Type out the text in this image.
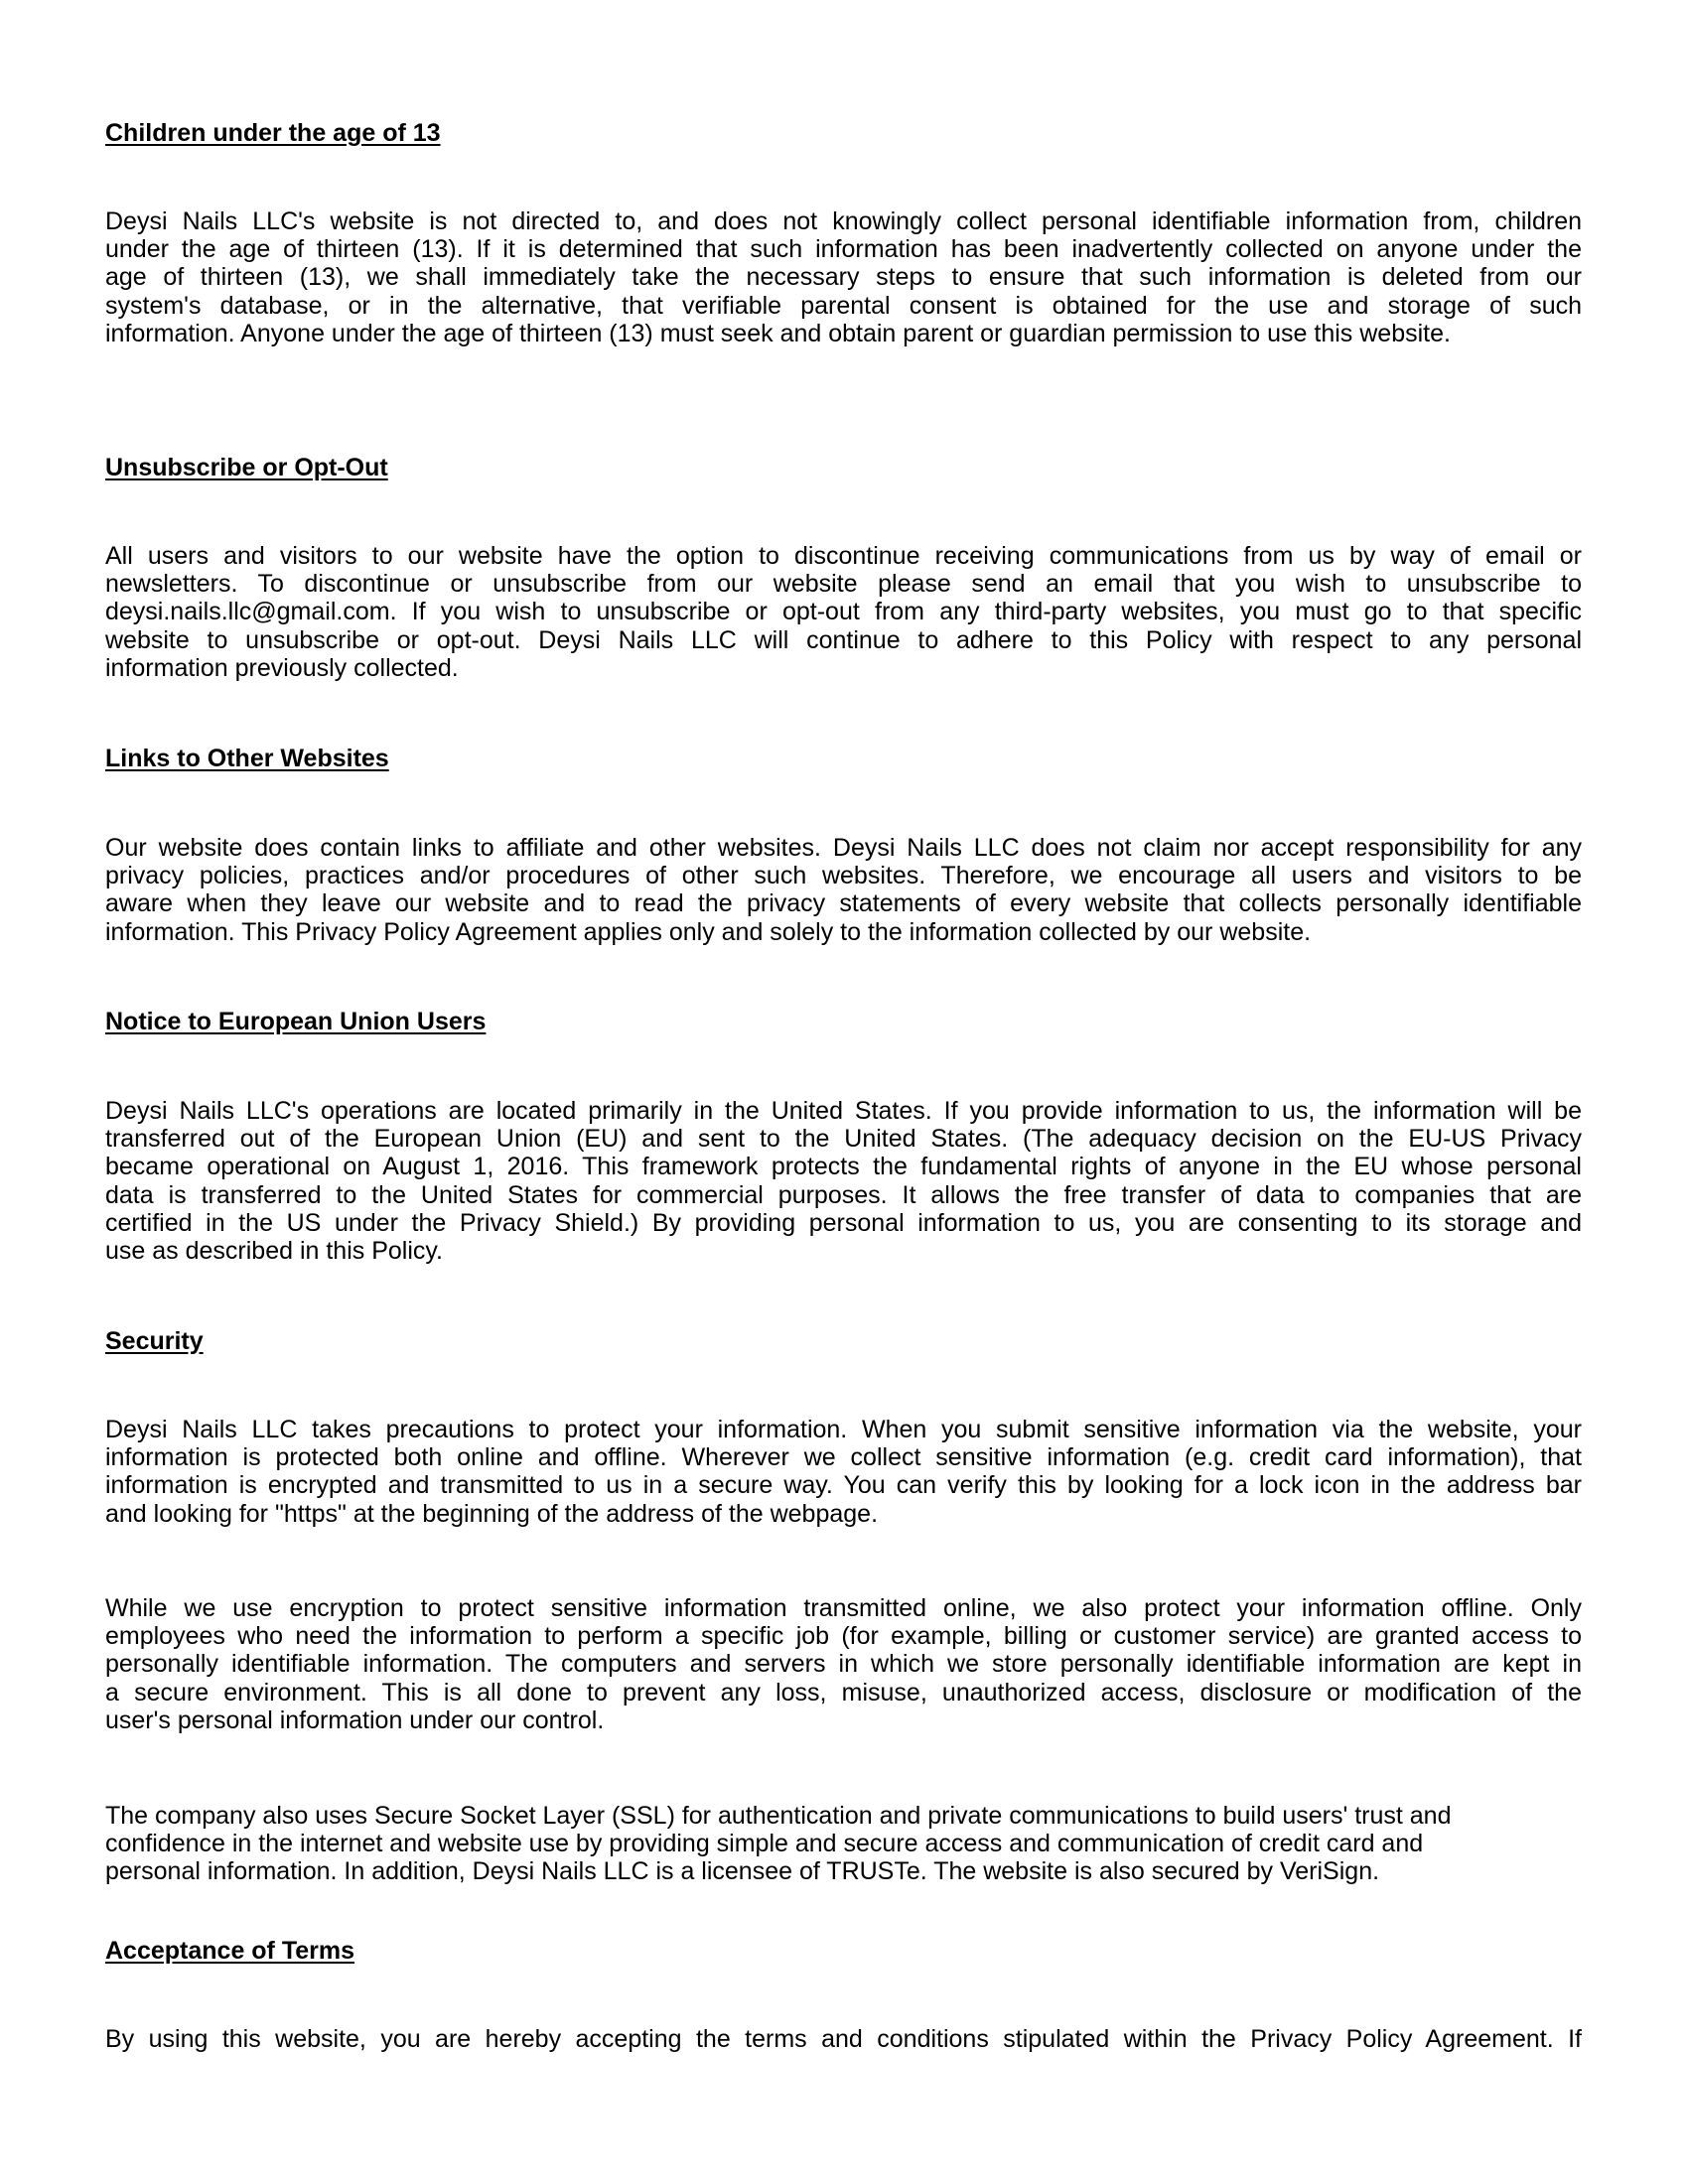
Children under the age of 13

Deysi Nails LLC's website is not directed to, and does not knowingly collect personal identifiable information from, children
under the age of thirteen (13). If it is determined that such information has been inadvertently collected on anyone under the
age of thirteen (13), we shall immediately take the necessary steps to ensure that such information is deleted from our
system's database, or in the alternative, that verifiable parental consent is obtained for the use and storage of such
information. Anyone under the age of thirteen (13) must seek and obtain parent or guardian permission to use this website.

Unsubscribe or Opt-Out

All users and visitors to our website have the option to discontinue receiving communications from us by way of email or
newsletters. To discontinue or unsubscribe from our website please send an email that you wish to unsubscribe to
deysi.nails.llc@gmail.com. If you wish to unsubscribe or opt-out from any third-party websites, you must go to that specific
website to unsubscribe or opt-out. Deysi Nails LLC will continue to adhere to this Policy with respect to any personal
information previously collected.

Links to Other Websites

Our website does contain links to affiliate and other websites. Deysi Nails LLC does not claim nor accept responsibility for any
privacy policies, practices and/or procedures of other such websites. Therefore, we encourage all users and visitors to be
aware when they leave our website and to read the privacy statements of every website that collects personally identifiable
information. This Privacy Policy Agreement applies only and solely to the information collected by our website.

Notice to European Union Users

Deysi Nails LLC's operations are located primarily in the United States. If you provide information to us, the information will be
transferred out of the European Union (EU) and sent to the United States. (The adequacy decision on the EU-US Privacy
became operational on August 1, 2016. This framework protects the fundamental rights of anyone in the EU whose personal
data is transferred to the United States for commercial purposes. It allows the free transfer of data to companies that are
certified in the US under the Privacy Shield.) By providing personal information to us, you are consenting to its storage and
use as described in this Policy.

Security

Deysi Nails LLC takes precautions to protect your information. When you submit sensitive information via the website, your
information is protected both online and offline. Wherever we collect sensitive information (e.g. credit card information), that
information is encrypted and transmitted to us in a secure way. You can verify this by looking for a lock icon in the address bar
and looking for "https" at the beginning of the address of the webpage.

While we use encryption to protect sensitive information transmitted online, we also protect your information offline. Only
employees who need the information to perform a specific job (for example, billing or customer service) are granted access to
personally identifiable information. The computers and servers in which we store personally identifiable information are kept in
a secure environment. This is all done to prevent any loss, misuse, unauthorized access, disclosure or modification of the
user's personal information under our control.

The company also uses Secure Socket Layer (SSL) for authentication and private communications to build users' trust and
confidence in the internet and website use by providing simple and secure access and communication of credit card and
personal information. In addition, Deysi Nails LLC is a licensee of TRUSTe. The website is also secured by VeriSign.

Acceptance of Terms

By using this website, you are hereby accepting the terms and conditions stipulated within the Privacy Policy Agreement. If
